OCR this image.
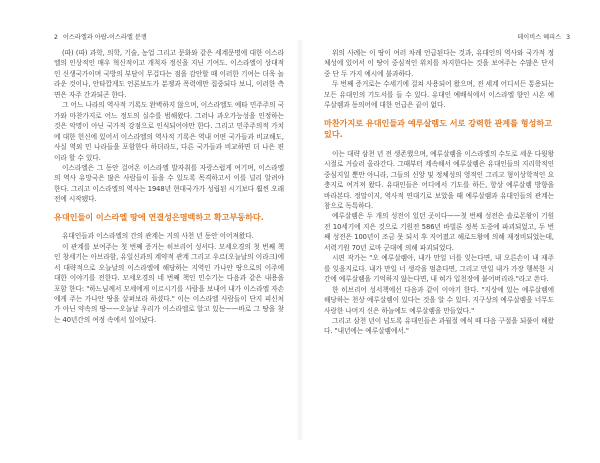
2 이스라엘과 아랍-이스라엘 분쟁

(따) (따) 과학, 의학, 기술, 농업 그리고 문화와 같은 세계문명에 대한 이스라엘의 인상적인 매우 혁신적이고 개척자 정신을 지닌 기여도. 이스라엘이 상대적인 신생국가이며 국방의 부담이 무겁다는 점을 감안할 때 이러한 기여는 더욱 놀라운 것이나, 안타깝게도 언론보도가 분쟁과 폭력에만 집중되다 보니, 이러한 측면은 자주 간과되곤 한다.

그 어느 나라의 역사적 기록도 완벽하지 않으며, 이스라엘도 예타 민주주의 국가와 마찬가지로 어느 정도의 실수를 범해왔다. 그러나 과오가능성을 인정하는 것은 악명이 아닌 국가적 강점으로 인식되어야만 한다. 그리고 민주주의적 가치에 대한 헌신에 있어서 이스라엘의 역사적 기록은 역내 어떤 국가들과 비교해도, 사실 역외 민 나라들을 포함한다 하더라도, 다른 국가들과 비교하면 더 나은 편이라 할 수 있다.

이스라엘은 그 동안 걸어온 이스라엘 발자취를 자랑스럽게 여기며, 이스라엘의 역사 유망국은 많은 사람들이 들을 수 있도록 목격하고서 이를 널리 알려야 한다. 그리고 이스라엘의 역사는 1948년 현대국가가 성립된 시기보다 훨씬 오래 전에 시작됐다.

유대인들이 이스라엘 땅에 연결성은명백하고 확고부동하다.

유대인들과 이스라엘의 간의 관계는 거의 사천 년 동안 이어져왔다.

이 관계를 보여주는 첫 번째 증거는 히브리어 성서다. 모세오경의 첫 번째 책인 창세기는 아브라함, 유일신과의 계약적 관계 그리고 우르(오늘날의 이라크)에서 대략적으로 오늘날의 이스라엘에 해당하는 지역인 가나안 땅으로의 이주에 대한 이야기를 전한다. 모세오경의 네 번째 책인 민수기는 다음과 같은 내용을 포함 한다: "하느님께서 모세에게 이르시기를 사람을 보내어 내가 이스라엘 자손에게 주는 가나안 땅을 살펴보라 하셨다." 이는 이스라엘 사람들이 단지 피신처가 아닌 약속의 땅——오늘날 우리가 이스라엘로 알고 있는——바로 그 땅을 찾는 40년간의 여정 속에서 일어났다.

데이비스 헤피스 3

위의 사례는 이 땅이 여러 차례 언급된다는 것과, 유대인의 역사와 국가적 정체성에 있어서 이 땅이 중심적인 위치를 차지한다는 것을 보여주는 수많은 단서 중 단 두 가지 예시에 불과하다.

두 번째 증거로는 수세기에 걸쳐 사용되어 왔으며, 전 세계 어디서든 통용되는 모든 유대인의 기도서를 들 수 있다. 유대인 예배식에서 이스라엘 향인 시온 예루살렘과 동의어에 대한 언급은 끝이 없다.

마찬가지로 유대인들과 예루살렘도 서로 강력한 관계를 형성하고 있다.

이는 대략 삼천 년 전 생존했으며, 예루살렘을 이스라엘의 수도로 세운 다윗왕 시절로 거슬러 올라간다. 그때부터 계속해서 예루살렘은 유대인들의 지리학적인 중심지일 뿐만 아니라, 그들의 신앙 및 정체성의 영적인 그리고 형이상학적인 요충지로 여겨져 왔다. 유대인들은 어디에서 기도를 하든, 항상 예루살렘 방향을 바라본다. 정말이지, 역사적 연대기로 보았을 때 예루살렘과 유대인들의 관계는 참으로 독특하다.

예루살렘은 두 개의 성전이 있던 곳이다——첫 번째 성전은 솔로몬왕이 기원전 10세기에 지은 것으로 기원전 586년 바빌론 정복 도중에 파괴되었고, 두 번째 성전은 100년이 조금 못 되서 후 지어졌고 헤로드왕에 의해 재정비되었는데, 서력기원 70년 로마 군대에 의해 파괴되었다.

시편 작가는 "오 예루살렘아, 내가 만일 너를 잊는다면, 내 오른손이 내 재주를 잊을지로다. 내가 만일 너 생각을 멈춘다면, 그리고 만일 내가 가장 행복한 시간에 예루살렘을 기억하지 않는다면, 내 혀가 입천장에 붙어버리라."라고 쓴다.

한 히브리어 성서책에선 다음과 같이 이야기 한다. "지상에 있는 예루살렘에 해당하는 천상 예루살렘이 있다는 것을 알 수 있다. 지구상의 예루살렘을 너무도 사랑한 나머지 신은 하늘에도 예루살렘을 만들었다."

그리고 삼천 년이 넘도록 유대인들은 과월절 예식 때 다음 구절을 되풀이 해왔다. "내년에는 예루살렘에서."
